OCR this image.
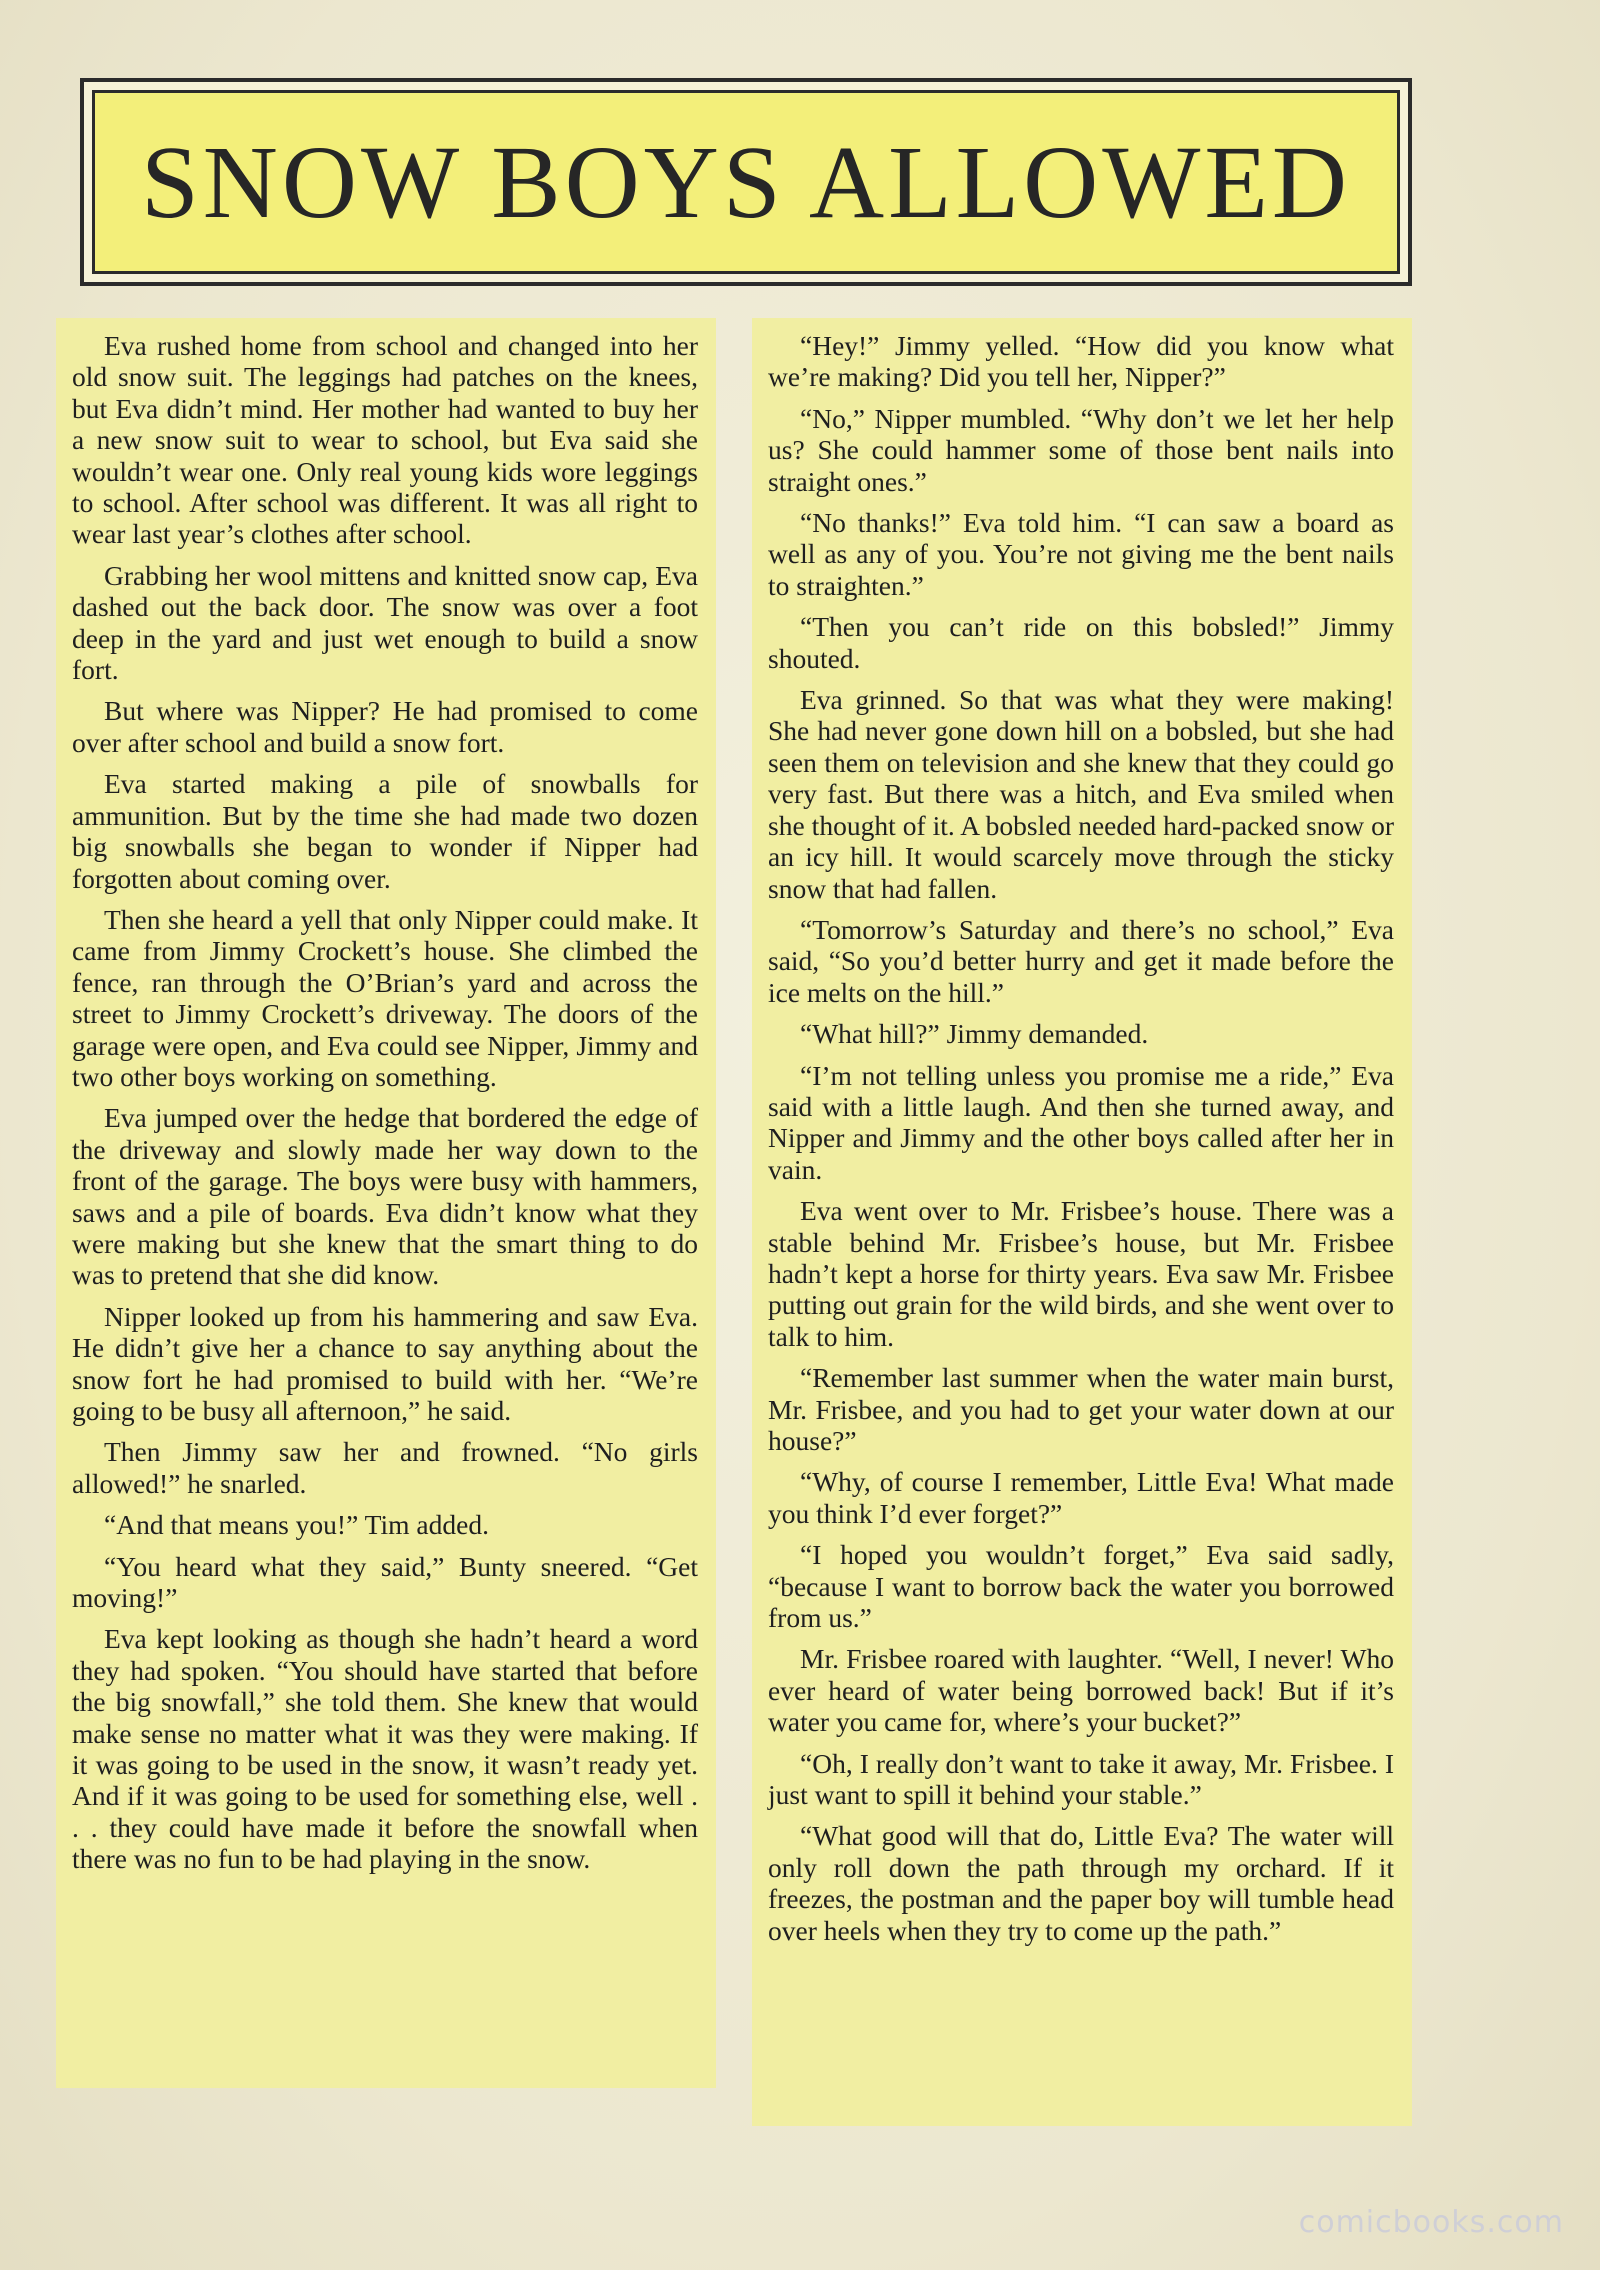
SNOW BOYS ALLOWED

Eva rushed home from school and changed into her old snow suit. The leggings had patches on the knees, but Eva didn’t mind. Her mother had wanted to buy her a new snow suit to wear to school, but Eva said she wouldn’t wear one. Only real young kids wore leggings to school. After school was different. It was all right to wear last year’s clothes after school.

Grabbing her wool mittens and knitted snow cap, Eva dashed out the back door. The snow was over a foot deep in the yard and just wet enough to build a snow fort.

But where was Nipper? He had promised to come over after school and build a snow fort.

Eva started making a pile of snowballs for ammunition. But by the time she had made two dozen big snowballs she began to wonder if Nipper had forgotten about coming over.

Then she heard a yell that only Nipper could make. It came from Jimmy Crockett’s house. She climbed the fence, ran through the O’Brian’s yard and across the street to Jimmy Crockett’s driveway. The doors of the garage were open, and Eva could see Nipper, Jimmy and two other boys working on something.

Eva jumped over the hedge that bordered the edge of the driveway and slowly made her way down to the front of the garage. The boys were busy with hammers, saws and a pile of boards. Eva didn’t know what they were making but she knew that the smart thing to do was to pretend that she did know.

Nipper looked up from his hammering and saw Eva. He didn’t give her a chance to say anything about the snow fort he had promised to build with her. “We’re going to be busy all afternoon,” he said.

Then Jimmy saw her and frowned. “No girls allowed!” he snarled.

“And that means you!” Tim added.

“You heard what they said,” Bunty sneered. “Get moving!”

Eva kept looking as though she hadn’t heard a word they had spoken. “You should have started that before the big snowfall,” she told them. She knew that would make sense no matter what it was they were making. If it was going to be used in the snow, it wasn’t ready yet. And if it was going to be used for something else, well . . . they could have made it before the snowfall when there was no fun to be had playing in the snow.

“Hey!” Jimmy yelled. “How did you know what we’re making? Did you tell her, Nipper?”

“No,” Nipper mumbled. “Why don’t we let her help us? She could hammer some of those bent nails into straight ones.”

“No thanks!” Eva told him. “I can saw a board as well as any of you. You’re not giving me the bent nails to straighten.”

“Then you can’t ride on this bobsled!” Jimmy shouted.

Eva grinned. So that was what they were making! She had never gone down hill on a bobsled, but she had seen them on television and she knew that they could go very fast. But there was a hitch, and Eva smiled when she thought of it. A bobsled needed hard-packed snow or an icy hill. It would scarcely move through the sticky snow that had fallen.

“Tomorrow’s Saturday and there’s no school,” Eva said, “So you’d better hurry and get it made before the ice melts on the hill.”

“What hill?” Jimmy demanded.

“I’m not telling unless you promise me a ride,” Eva said with a little laugh. And then she turned away, and Nipper and Jimmy and the other boys called after her in vain.

Eva went over to Mr. Frisbee’s house. There was a stable behind Mr. Frisbee’s house, but Mr. Frisbee hadn’t kept a horse for thirty years. Eva saw Mr. Frisbee putting out grain for the wild birds, and she went over to talk to him.

“Remember last summer when the water main burst, Mr. Frisbee, and you had to get your water down at our house?”

“Why, of course I remember, Little Eva! What made you think I’d ever forget?”

“I hoped you wouldn’t forget,” Eva said sadly, “because I want to borrow back the water you borrowed from us.”

Mr. Frisbee roared with laughter. “Well, I never! Who ever heard of water being borrowed back! But if it’s water you came for, where’s your bucket?”

“Oh, I really don’t want to take it away, Mr. Frisbee. I just want to spill it behind your stable.”

“What good will that do, Little Eva? The water will only roll down the path through my orchard. If it freezes, the postman and the paper boy will tumble head over heels when they try to come up the path.”

comicbooks.com
